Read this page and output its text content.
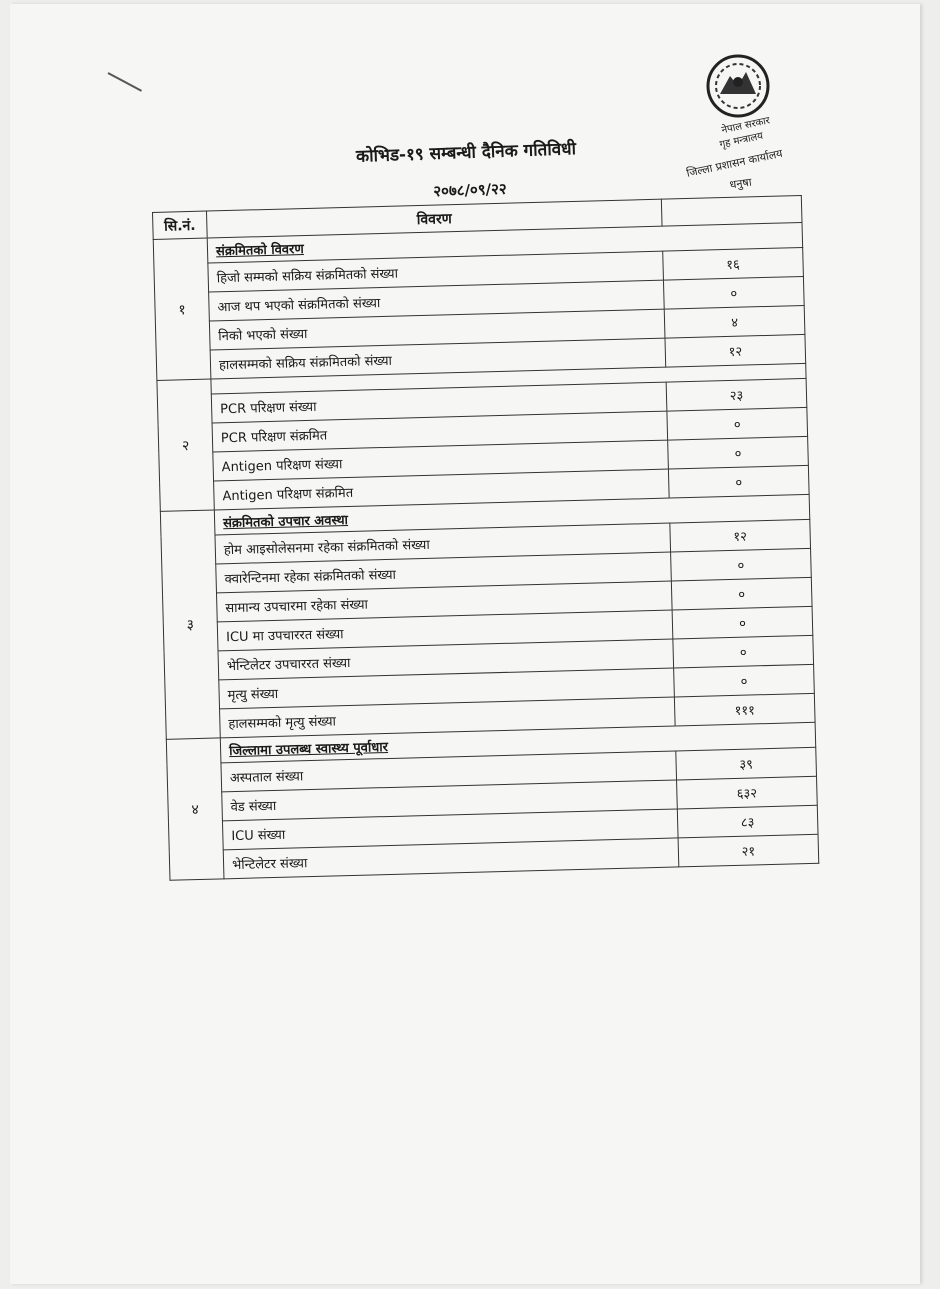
नेपाल सरकार
गृह मन्त्रालय
जिल्ला प्रशासन कार्यालय
धनुषा
कोभिड-१९ सम्बन्धी दैनिक गतिविधी
२०७८/०९/२२
सि.नं.	विवरण	
१	संक्रमितको विवरण	
	हिजो सम्मको सक्रिय संक्रमितको संख्या	१६
	आज थप भएको संक्रमितको संख्या	०
	निको भएको संख्या	४
	हालसम्मको सक्रिय संक्रमितको संख्या	१२
२		
	PCR परिक्षण संख्या	२३
	PCR परिक्षण संक्रमित	०
	Antigen परिक्षण संख्या	०
	Antigen परिक्षण संक्रमित	०
३	संक्रमितको उपचार अवस्था	
	होम आइसोलेसनमा रहेका संक्रमितको संख्या	१२
	क्वारेन्टिनमा रहेका संक्रमितको संख्या	०
	सामान्य उपचारमा रहेका संख्या	०
	ICU मा उपचाररत संख्या	०
	भेन्टिलेटर उपचाररत संख्या	०
	मृत्यु संख्या	०
	हालसम्मको मृत्यु संख्या	१११
४	जिल्लामा उपलब्ध स्वास्थ्य पूर्वाधार	
	अस्पताल संख्या	३९
	वेड संख्या	६३२
	ICU संख्या	८३
	भेन्टिलेटर संख्या	२१
